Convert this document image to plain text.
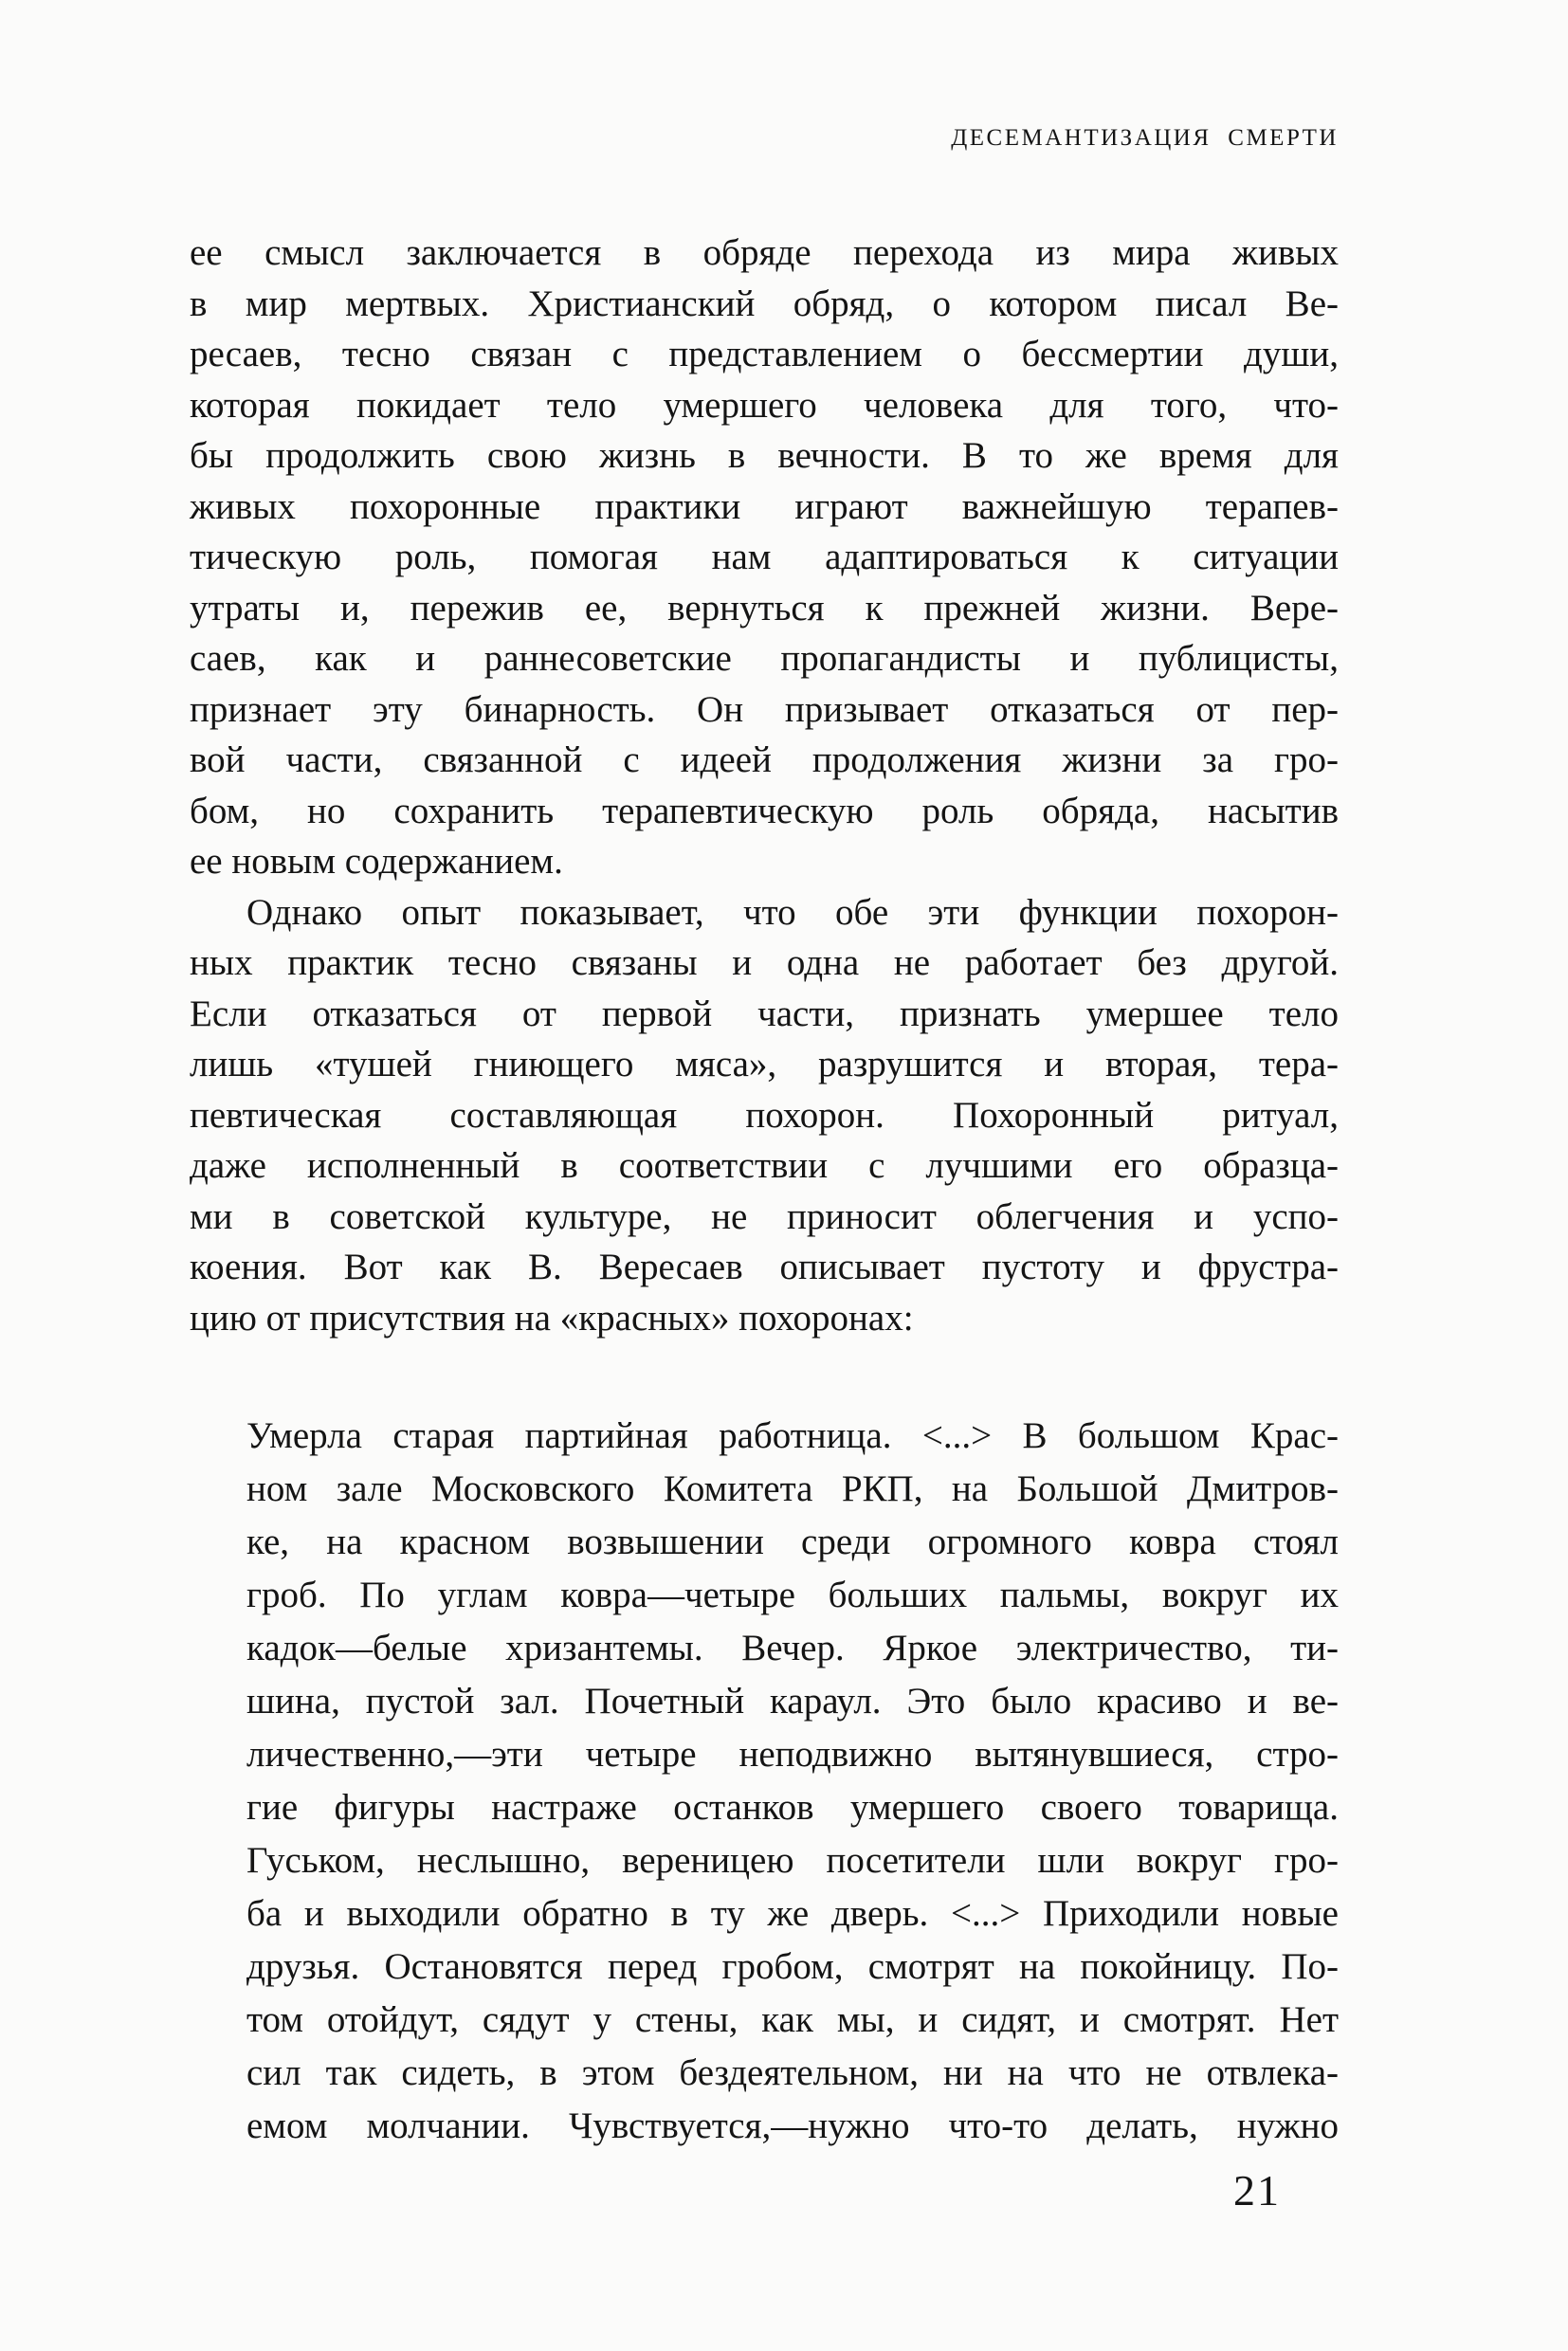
ДЕСЕМАНТИЗАЦИЯ СМЕРТИ
ее смысл заключается в обряде перехода из мира живых
в мир мертвых. Христианский обряд, о котором писал Ве-
ресаев, тесно связан с представлением о бессмертии души,
которая покидает тело умершего человека для того, что-
бы продолжить свою жизнь в вечности. В то же время для
живых похоронные практики играют важнейшую терапев-
тическую роль, помогая нам адаптироваться к ситуации
утраты и, пережив ее, вернуться к прежней жизни. Вере-
саев, как и раннесоветские пропагандисты и публицисты,
признает эту бинарность. Он призывает отказаться от пер-
вой части, связанной с идеей продолжения жизни за гро-
бом, но сохранить терапевтическую роль обряда, насытив
ее новым содержанием.
Однако опыт показывает, что обе эти функции похорон-
ных практик тесно связаны и одна не работает без другой.
Если отказаться от первой части, признать умершее тело
лишь «тушей гниющего мяса», разрушится и вторая, тера-
певтическая составляющая похорон. Похоронный ритуал,
даже исполненный в соответствии с лучшими его образца-
ми в советской культуре, не приносит облегчения и успо-
коения. Вот как В. Вересаев описывает пустоту и фрустра-
цию от присутствия на «красных» похоронах:
Умерла старая партийная работница. <...> В большом Крас-
ном зале Московского Комитета РКП, на Большой Дмитров-
ке, на красном возвышении среди огромного ковра стоял
гроб. По углам ковра—четыре больших пальмы, вокруг их
кадок—белые хризантемы. Вечер. Яркое электричество, ти-
шина, пустой зал. Почетный караул. Это было красиво и ве-
личественно,—эти четыре неподвижно вытянувшиеся, стро-
гие фигуры настраже останков умершего своего товарища.
Гуськом, неслышно, вереницею посетители шли вокруг гро-
ба и выходили обратно в ту же дверь. <...> Приходили новые
друзья. Остановятся перед гробом, смотрят на покойницу. По-
том отойдут, сядут у стены, как мы, и сидят, и смотрят. Нет
сил так сидеть, в этом бездеятельном, ни на что не отвлека-
емом молчании. Чувствуется,—нужно что-то делать, нужно
21
